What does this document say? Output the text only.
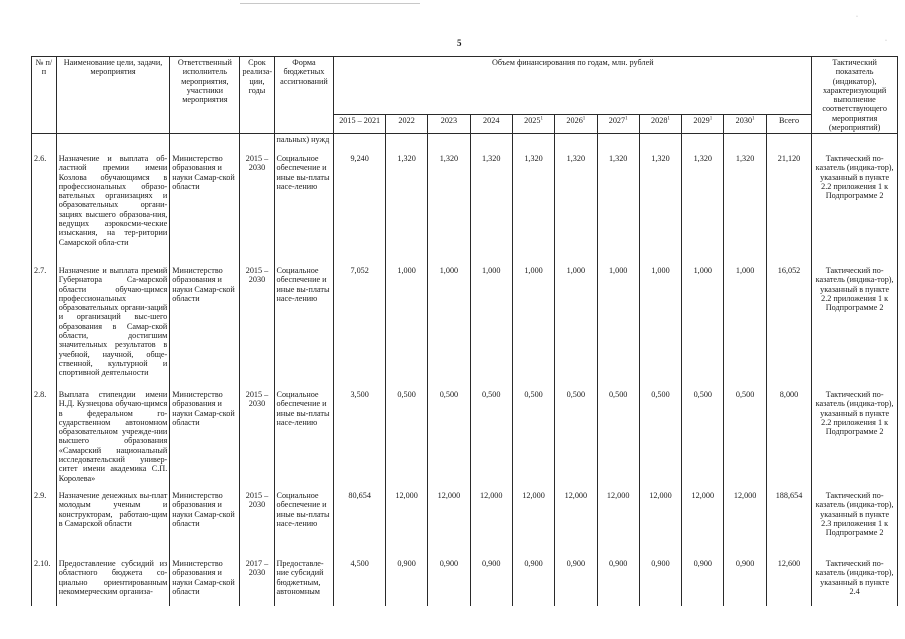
·
·
5
№ п/п	Наименование цели, задачи, мероприятия	Ответственный исполнитель мероприятия, участники мероприятия	Срок реализа-ции, годы	Форма бюджетных ассигнований	Объем финансирования по годам, млн. рублей											Тактический показатель (индикатор), характеризующий выполнение соответствующего мероприятия (мероприятий)
					2015 – 2021	2022	2023	2024	2025$^1$	2026$^1$	2027$^1$	2028$^1$	2029$^1$	2030$^1$	Всего	
				пальных) нужд												
2.6.	Назначение и выплата об-ластной премии имени Козлова обучающимся в профессиональных образо-вательных организациях и образовательных органи-зациях высшего образова-ния, ведущих аэрокосми-ческие изыскания, на тер-ритории Самарской обла-сти	Министерство образования и науки Самар-ской области	2015 – 2030	Социальное обеспечение и иные вы-платы насе-лению	9,240	1,320	1,320	1,320	1,320	1,320	1,320	1,320	1,320	1,320	21,120	Тактический по-казатель (индика-тор), указанный в пункте 2.2 приложения 1 к Подпрограмме 2
2.7.	Назначение и выплата премий Губернатора Са-марской области обучаю-щимся профессиональных образовательных органи-заций и организаций выс-шего образования в Самар-ской области, достигшим значительных результатов в учебной, научной, обще-ственной, культурной и спортивной деятельности	Министерство образования и науки Самар-ской области	2015 – 2030	Социальное обеспечение и иные вы-платы насе-лению	7,052	1,000	1,000	1,000	1,000	1,000	1,000	1,000	1,000	1,000	16,052	Тактический по-казатель (индика-тор), указанный в пункте 2.2 приложения 1 к Подпрограмме 2
2.8.	Выплата стипендии имени Н.Д. Кузнецова обучаю-щимся в федеральном го-сударственном автономном образовательном учрежде-нии высшего образования «Самарский национальный исследовательский универ-ситет имени академика С.П. Королева»	Министерство образования и науки Самар-ской области	2015 – 2030	Социальное обеспечение и иные вы-платы насе-лению	3,500	0,500	0,500	0,500	0,500	0,500	0,500	0,500	0,500	0,500	8,000	Тактический по-казатель (индика-тор), указанный в пункте 2.2 приложения 1 к Подпрограмме 2
2.9.	Назначение денежных вы-плат молодым ученым и конструкторам, работаю-щим в Самарской области	Министерство образования и науки Самар-ской области	2015 – 2030	Социальное обеспечение и иные вы-платы насе-лению	80,654	12,000	12,000	12,000	12,000	12,000	12,000	12,000	12,000	12,000	188,654	Тактический по-казатель (индика-тор), указанный в пункте 2.3 приложения 1 к Подпрограмме 2
2.10.	Предоставление субсидий из областного бюджета со-циально ориентированным некоммерческим организа-	Министерство образования и науки Самар-ской области	2017 – 2030	Предоставле-ние субсидий бюджетным, автономным	4,500	0,900	0,900	0,900	0,900	0,900	0,900	0,900	0,900	0,900	12,600	Тактический по-казатель (индика-тор), указанный в пункте 2.4
